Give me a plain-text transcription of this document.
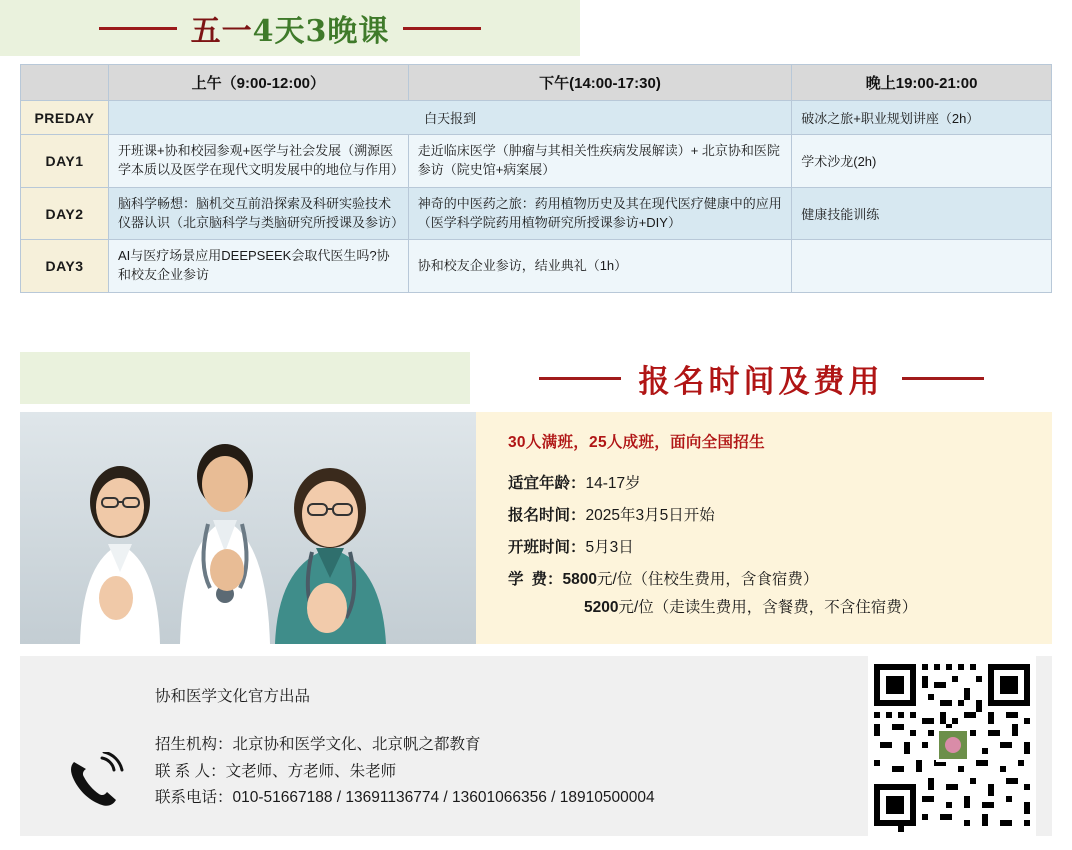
五一4天3晚课
	上午（9:00-12:00）	下午(14:00-17:30)	晚上19:00-21:00
PREDAY	白天报到		破冰之旅+职业规划讲座（2h）
DAY1	开班课+协和校园参观+医学与社会发展（溯源医学本质以及医学在现代文明发展中的地位与作用）	走近临床医学（肿瘤与其相关性疾病发展解读）+ 北京协和医院参访（院史馆+病案展）	学术沙龙(2h)
DAY2	脑科学畅想：脑机交互前沿探索及科研实验技术仪器认识（北京脑科学与类脑研究所授课及参访）	神奇的中医药之旅：药用植物历史及其在现代医疗健康中的应用（医学科学院药用植物研究所授课参访+DIY）	健康技能训练
DAY3	AI与医疗场景应用DEEPSEEK会取代医生吗?协和校友企业参访	协和校友企业参访，结业典礼（1h）	
报名时间及费用
30人满班，25人成班，面向全国招生
适宜年龄：14-17岁
报名时间：2025年3月5日开始
开班时间：5月3日
学费：5800元/位（住校生费用，含食宿费）
5200元/位（走读生费用，含餐费，不含住宿费）
协和医学文化官方出品
招生机构：北京协和医学文化、北京帆之都教育
联 系 人：文老师、方老师、朱老师
联系电话：010-51667188 / 13691136774 / 13601066356 / 18910500004
